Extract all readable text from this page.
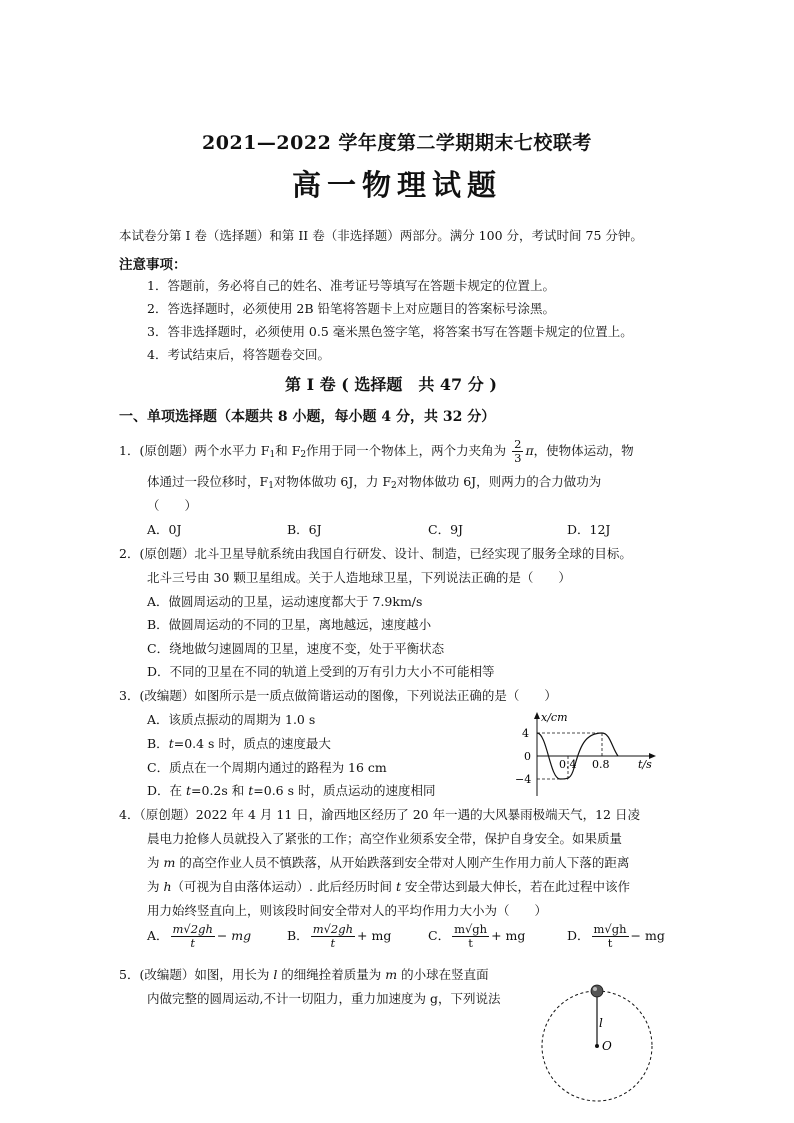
2021—2022 学年度第二学期期末七校联考
高一物理试题
本试卷分第 I 卷（选择题）和第 II 卷（非选择题）两部分。满分 100 分，考试时间 75 分钟。
注意事项：
1．答题前，务必将自己的姓名、准考证号等填写在答题卡规定的位置上。
2．答选择题时，必须使用 2B 铅笔将答题卡上对应题目的答案标号涂黑。
3．答非选择题时，必须使用 0.5 毫米黑色签字笔，将答案书写在答题卡规定的位置上。
4．考试结束后，将答题卷交回。
第 I 卷 ( 选择题　共 47 分 )
一、单项选择题（本题共 8 小题，每小题 4 分，共 32 分）
1．(原创题）两个水平力 $F_1$和 $F_2$作用于同一个物体上，两个力夹角为 $\frac{2}{3}$ π，使物体运动，物
体通过一段位移时，$F_1$对物体做功 6J，力 $F_2$对物体做功 6J，则两力的合力做功为
（　　）
A．0J	B．6J	C．9J	D．12J
2．(原创题）北斗卫星导航系统由我国自行研发、设计、制造，已经实现了服务全球的目标。
北斗三号由 30 颗卫星组成。关于人造地球卫星，下列说法正确的是（　　）
A．做圆周运动的卫星，运动速度都大于 7.9km/s
B．做圆周运动的不同的卫星，离地越远，速度越小
C．绕地做匀速圆周的卫星，速度不变，处于平衡状态
D．不同的卫星在不同的轨道上受到的万有引力大小不可能相等
3．(改编题）如图所示是一质点做简谐运动的图像，下列说法正确的是（　　）
A．该质点振动的周期为 1.0 s
B．t=0.4 s 时，质点的速度最大
C．质点在一个周期内通过的路程为 16 cm
D．在 t=0.2s 和 t=0.6 s 时，质点运动的速度相同
x/cm
t/s
4
0
−4
0.4 0.8
4．（原创题）2022 年 4 月 11 日，渝西地区经历了 20 年一遇的大风暴雨极端天气，12 日凌
晨电力抢修人员就投入了紧张的工作；高空作业须系安全带，保护自身安全。如果质量
为 m 的高空作业人员不慎跌落，从开始跌落到安全带对人刚产生作用力前人下落的距离
为 h（可视为自由落体运动）. 此后经历时间 t 安全带达到最大伸长，若在此过程中该作
用力始终竖直向上，则该段时间安全带对人的平均作用力大小为（　　）
A． $\frac{m√2gh}{t}$ − mg	B． $\frac{m√2gh}{t}$ + mg	C． $\frac{m√gh}{t}$ + mg	D． $\frac{m√gh}{t}$ − mg
5．(改编题）如图，用长为 l 的细绳拴着质量为 m 的小球在竖直面
内做完整的圆周运动,不计一切阻力，重力加速度为 g，下列说法
l
O
